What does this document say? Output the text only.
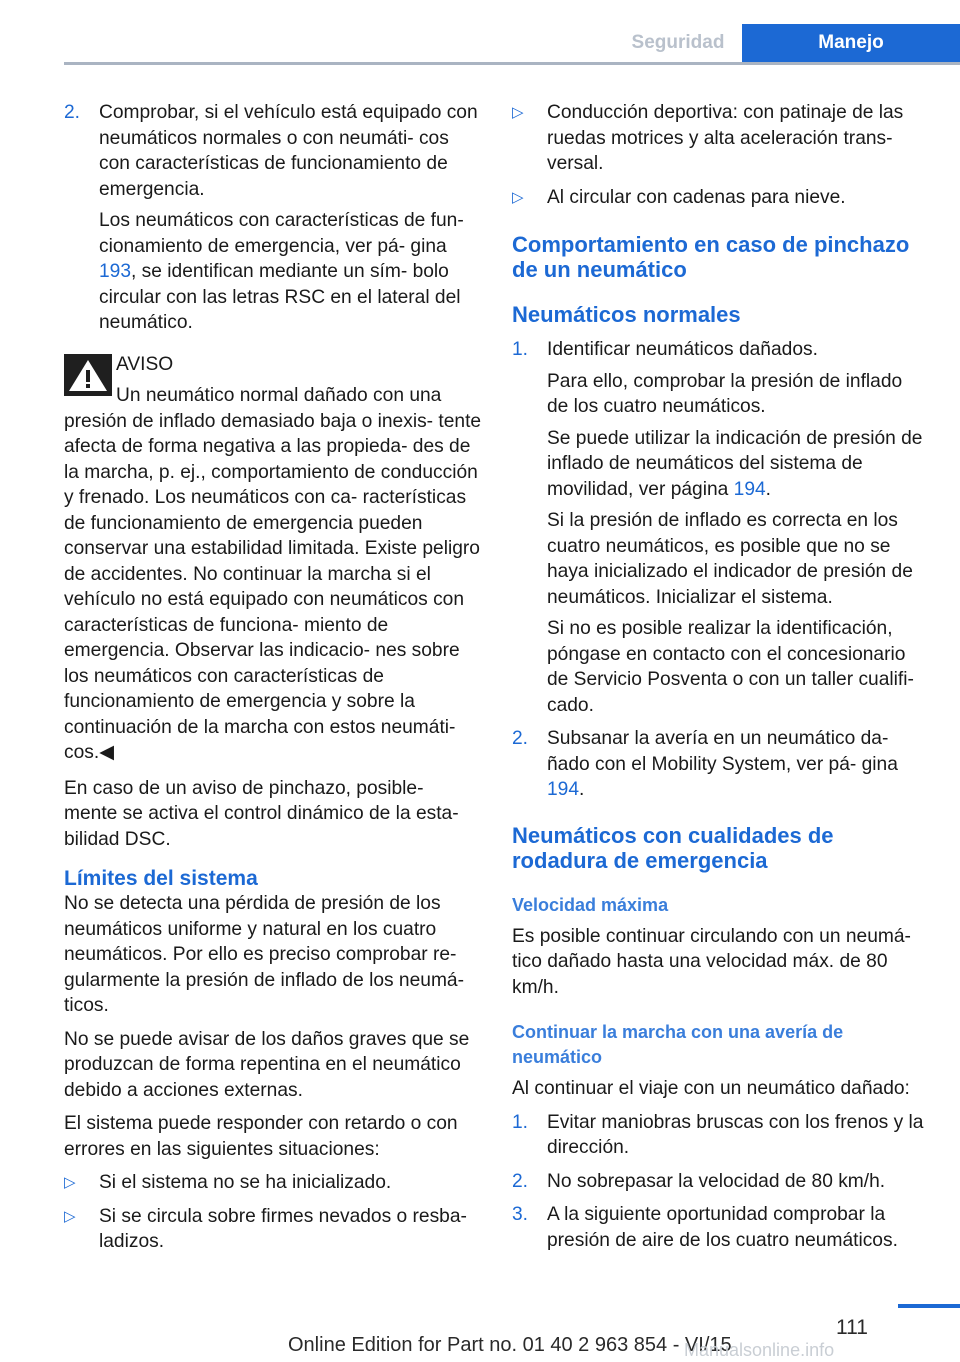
Seguridad	Manejo
2. Comprobar, si el vehículo está equipado con neumáticos normales o con neumáti- cos con características de funcionamiento de emergencia.
Los neumáticos con características de fun- cionamiento de emergencia, ver pá- gina 193, se identifican mediante un sím- bolo circular con las letras RSC en el lateral del neumático.
AVISO
Un neumático normal dañado con una
presión de inflado demasiado baja o inexis- tente afecta de forma negativa a las propieda- des de la marcha, p. ej., comportamiento de conducción y frenado. Los neumáticos con ca- racterísticas de funcionamiento de emergencia pueden conservar una estabilidad limitada. Existe peligro de accidentes. No continuar la marcha si el vehículo no está equipado con neumáticos con características de funciona- miento de emergencia. Observar las indicacio- nes sobre los neumáticos con características de funcionamiento de emergencia y sobre la continuación de la marcha con estos neumáti- cos.◀

En caso de un aviso de pinchazo, posible- mente se activa el control dinámico de la esta- bilidad DSC.

Límites del sistema

No se detecta una pérdida de presión de los neumáticos uniforme y natural en los cuatro neumáticos. Por ello es preciso comprobar re- gularmente la presión de inflado de los neumá- ticos.

No se puede avisar de los daños graves que se produzcan de forma repentina en el neumático debido a acciones externas.

El sistema puede responder con retardo o con errores en las siguientes situaciones:

▷ Si el sistema no se ha inicializado.
▷ Si se circula sobre firmes nevados o resba- ladizos.
▷ Conducción deportiva: con patinaje de las ruedas motrices y alta aceleración trans- versal.
▷ Al circular con cadenas para nieve.
Comportamiento en caso de pinchazo de un neumático
Neumáticos normales
1. Identificar neumáticos dañados.
Para ello, comprobar la presión de inflado de los cuatro neumáticos.
Se puede utilizar la indicación de presión de inflado de neumáticos del sistema de movilidad, ver página 194.
Si la presión de inflado es correcta en los cuatro neumáticos, es posible que no se haya inicializado el indicador de presión de neumáticos. Inicializar el sistema.
Si no es posible realizar la identificación, póngase en contacto con el concesionario de Servicio Posventa o con un taller cualifi- cado.
2. Subsanar la avería en un neumático da- ñado con el Mobility System, ver pá- gina 194.
Neumáticos con cualidades de rodadura de emergencia
Velocidad máxima

Es posible continuar circulando con un neumá- tico dañado hasta una velocidad máx. de 80 km/h.

Continuar la marcha con una avería de neumático

Al continuar el viaje con un neumático dañado:

1. Evitar maniobras bruscas con los frenos y la dirección.
2. No sobrepasar la velocidad de 80 km/h.
3. A la siguiente oportunidad comprobar la presión de aire de los cuatro neumáticos.
111
Online Edition for Part no. 01 40 2 963 854 - VI/15
Manualsonline.info
